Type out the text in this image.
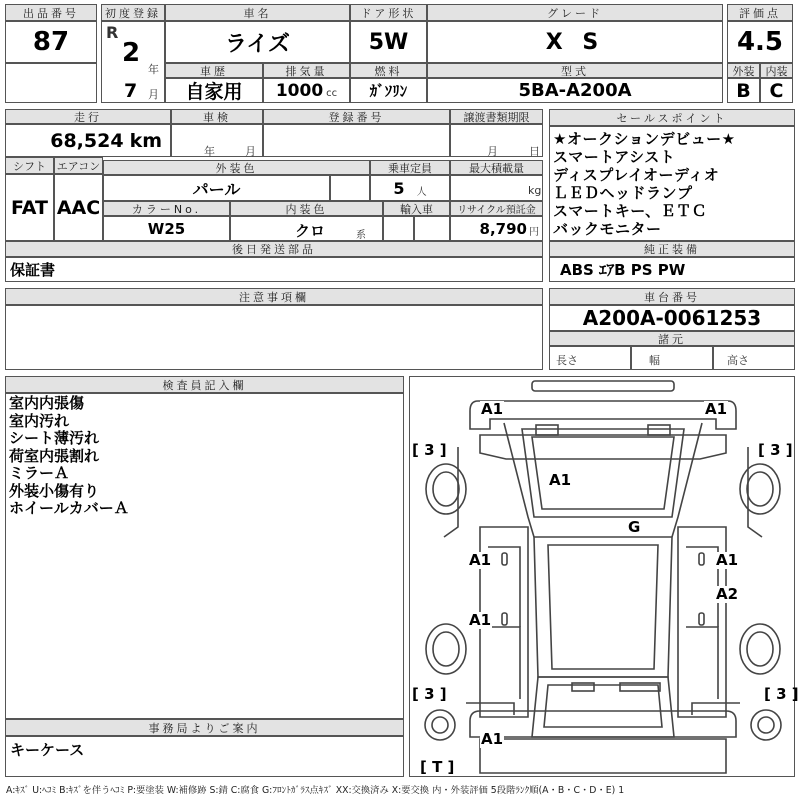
出品番号
87
初度登録
R
2
年
7 月
車名
ライズ
ドア形状
5W
グレード
X S
評価点
4.5
車歴
自家用
排気量
1000 cc
燃料
ｶﾞｿﾘﾝ
型式
5BA-A200A
外装	内装
B C
走行
68,524 km
車検
年	月
登録番号	譲渡書類期限
月	日
シフト エアコン
FAT AAC
外装色
パール
乗車定員
5 人
最大積載量
kg
カラーNo.
W25
内装色
クロ	系
輸入車	リサイクル預託金
8,790 円
後日発送部品
保証書
セールスポイント
★オークションデビュー★
スマートアシスト
ディスプレイオーディオ
ＬＥＤヘッドランプ
スマートキー、ＥＴＣ
バックモニター
純正装備
ABS ｴｱB PS PW
注意事項欄	車台番号
A200A-0061253
諸元
長さ	幅	高さ
検査員記入欄
室内内張傷
室内汚れ
シート薄汚れ
荷室内張割れ
ミラーＡ
外装小傷有り
ホイールカバーＡ
事務局よりご案内
キーケース
A1	A1
A1
G
A1	A1
A1
A2
A1
[ 3 ]	[ 3 ]
[ 3 ]	[ 3 ]
[ T ]
A:ｷｽﾞ U:ﾍｺﾐ B:ｷｽﾞを伴うﾍｺﾐ P:要塗装 W:補修跡 S:錆 C:腐食 G:ﾌﾛﾝﾄｶﾞﾗｽ点ｷｽﾞ XX:交換済み X:要交換 内・外装評価 5段階ﾗﾝｸ順(A・B・C・D・E) 1
